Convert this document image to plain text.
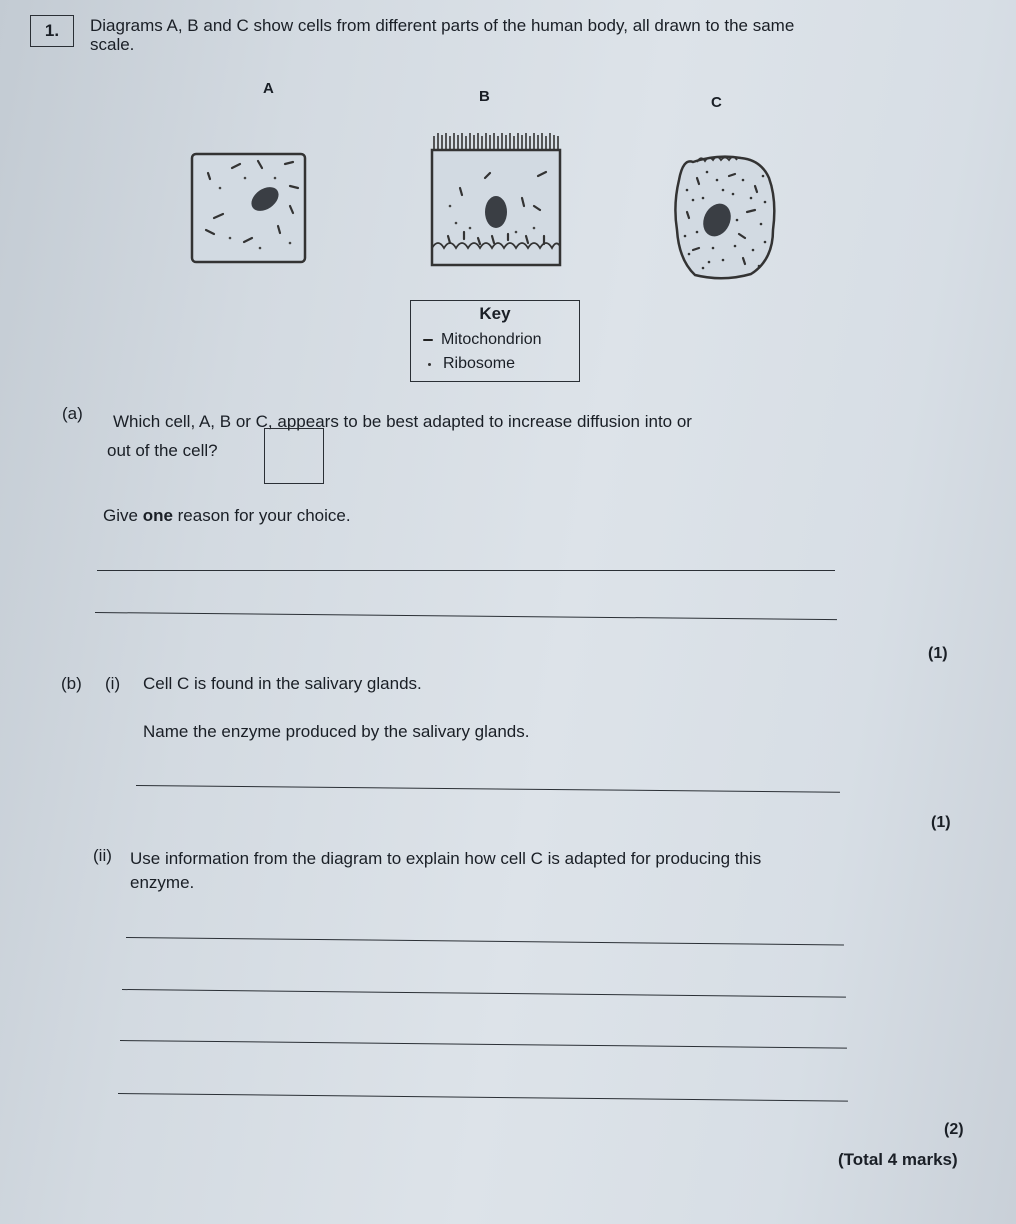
1.	Diagrams A, B and C show cells from different parts of the human body, all drawn to the same
scale.
A	B	C
Key
Mitochondrion
Ribosome
(a) Which cell, A, B or C, appears to be best adapted to increase diffusion into or
out of the cell?
Give one reason for your choice.
(1)
(b) (i) Cell C is found in the salivary glands.
Name the enzyme produced by the salivary glands.
(1)
(ii) Use information from the diagram to explain how cell C is adapted for producing this
enzyme.
(2)
(Total 4 marks)
